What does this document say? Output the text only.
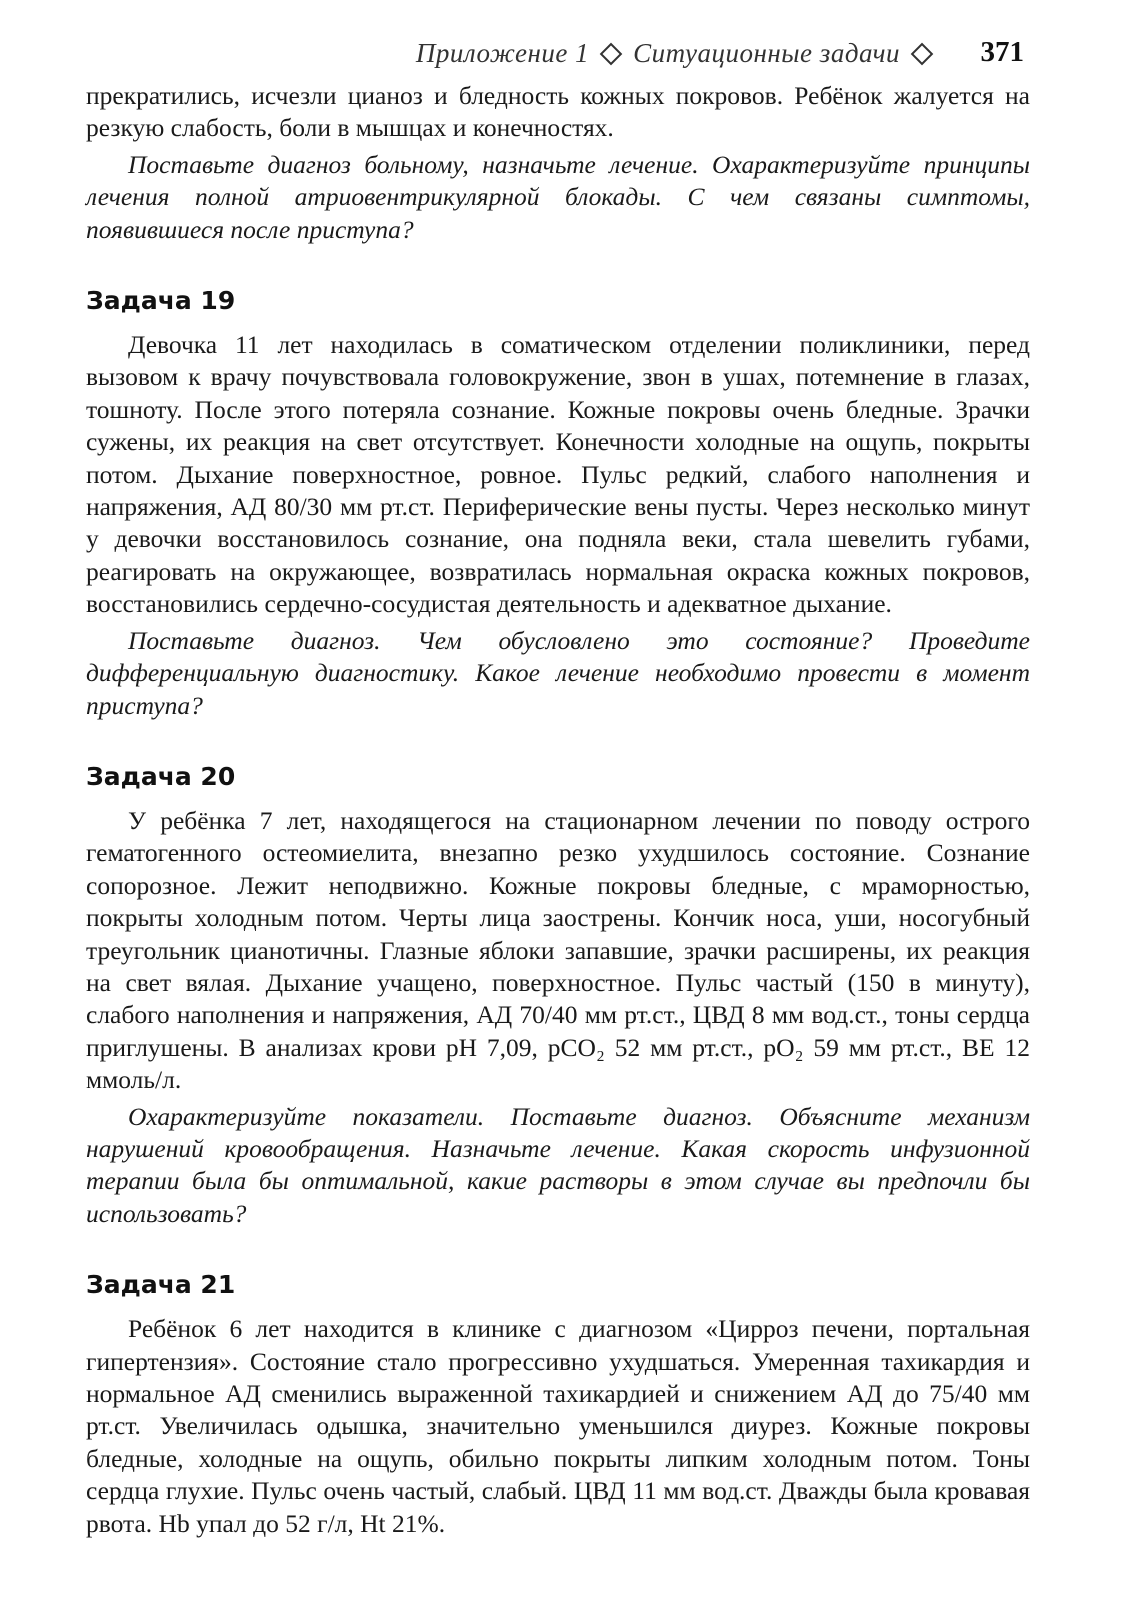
Приложение 1 Ситуационные задачи	371

прекратились, исчезли цианоз и бледность кожных покровов. Ребёнок жалуется на резкую слабость, боли в мышцах и конечностях.

Поставьте диагноз больному, назначьте лечение. Охарактеризуйте принципы лечения полной атриовентрикулярной блокады. С чем связаны симптомы, появившиеся после приступа?

Задача 19

Девочка 11 лет находилась в соматическом отделении поликлиники, перед вызовом к врачу почувствовала головокружение, звон в ушах, потемнение в глазах, тошноту. После этого потеряла сознание. Кожные покровы очень бледные. Зрачки сужены, их реакция на свет отсутствует. Конечности холодные на ощупь, покрыты потом. Дыхание поверхностное, ровное. Пульс редкий, слабого наполнения и напряжения, АД 80/30 мм рт.ст. Периферические вены пусты. Через несколько минут у девочки восстановилось сознание, она подняла веки, стала шевелить губами, реагировать на окружающее, возвратилась нормальная окраска кожных покровов, восстановились сердечно-сосудистая деятельность и адекватное дыхание.

Поставьте диагноз. Чем обусловлено это состояние? Проведите дифференциальную диагностику. Какое лечение необходимо провести в момент приступа?

Задача 20

У ребёнка 7 лет, находящегося на стационарном лечении по поводу острого гематогенного остеомиелита, внезапно резко ухудшилось состояние. Сознание сопорозное. Лежит неподвижно. Кожные покровы бледные, с мраморностью, покрыты холодным потом. Черты лица заострены. Кончик носа, уши, носогубный треугольник цианотичны. Глазные яблоки запавшие, зрачки расширены, их реакция на свет вялая. Дыхание учащено, поверхностное. Пульс частый (150 в минуту), слабого наполнения и напряжения, АД 70/40 мм рт.ст., ЦВД 8 мм вод.ст., тоны сердца приглушены. В анализах крови pH 7,09, pCO₂ 52 мм рт.ст., pO₂ 59 мм рт.ст., BE 12 ммоль/л.

Охарактеризуйте показатели. Поставьте диагноз. Объясните механизм нарушений кровообращения. Назначьте лечение. Какая скорость инфузионной терапии была бы оптимальной, какие растворы в этом случае вы предпочли бы использовать?

Задача 21

Ребёнок 6 лет находится в клинике с диагнозом «Цирроз печени, портальная гипертензия». Состояние стало прогрессивно ухудшаться. Умеренная тахикардия и нормальное АД сменились выраженной тахикардией и снижением АД до 75/40 мм рт.ст. Увеличилась одышка, значительно уменьшился диурез. Кожные покровы бледные, холодные на ощупь, обильно покрыты липким холодным потом. Тоны сердца глухие. Пульс очень частый, слабый. ЦВД 11 мм вод.ст. Дважды была кровавая рвота. Hb упал до 52 г/л, Ht 21%.
